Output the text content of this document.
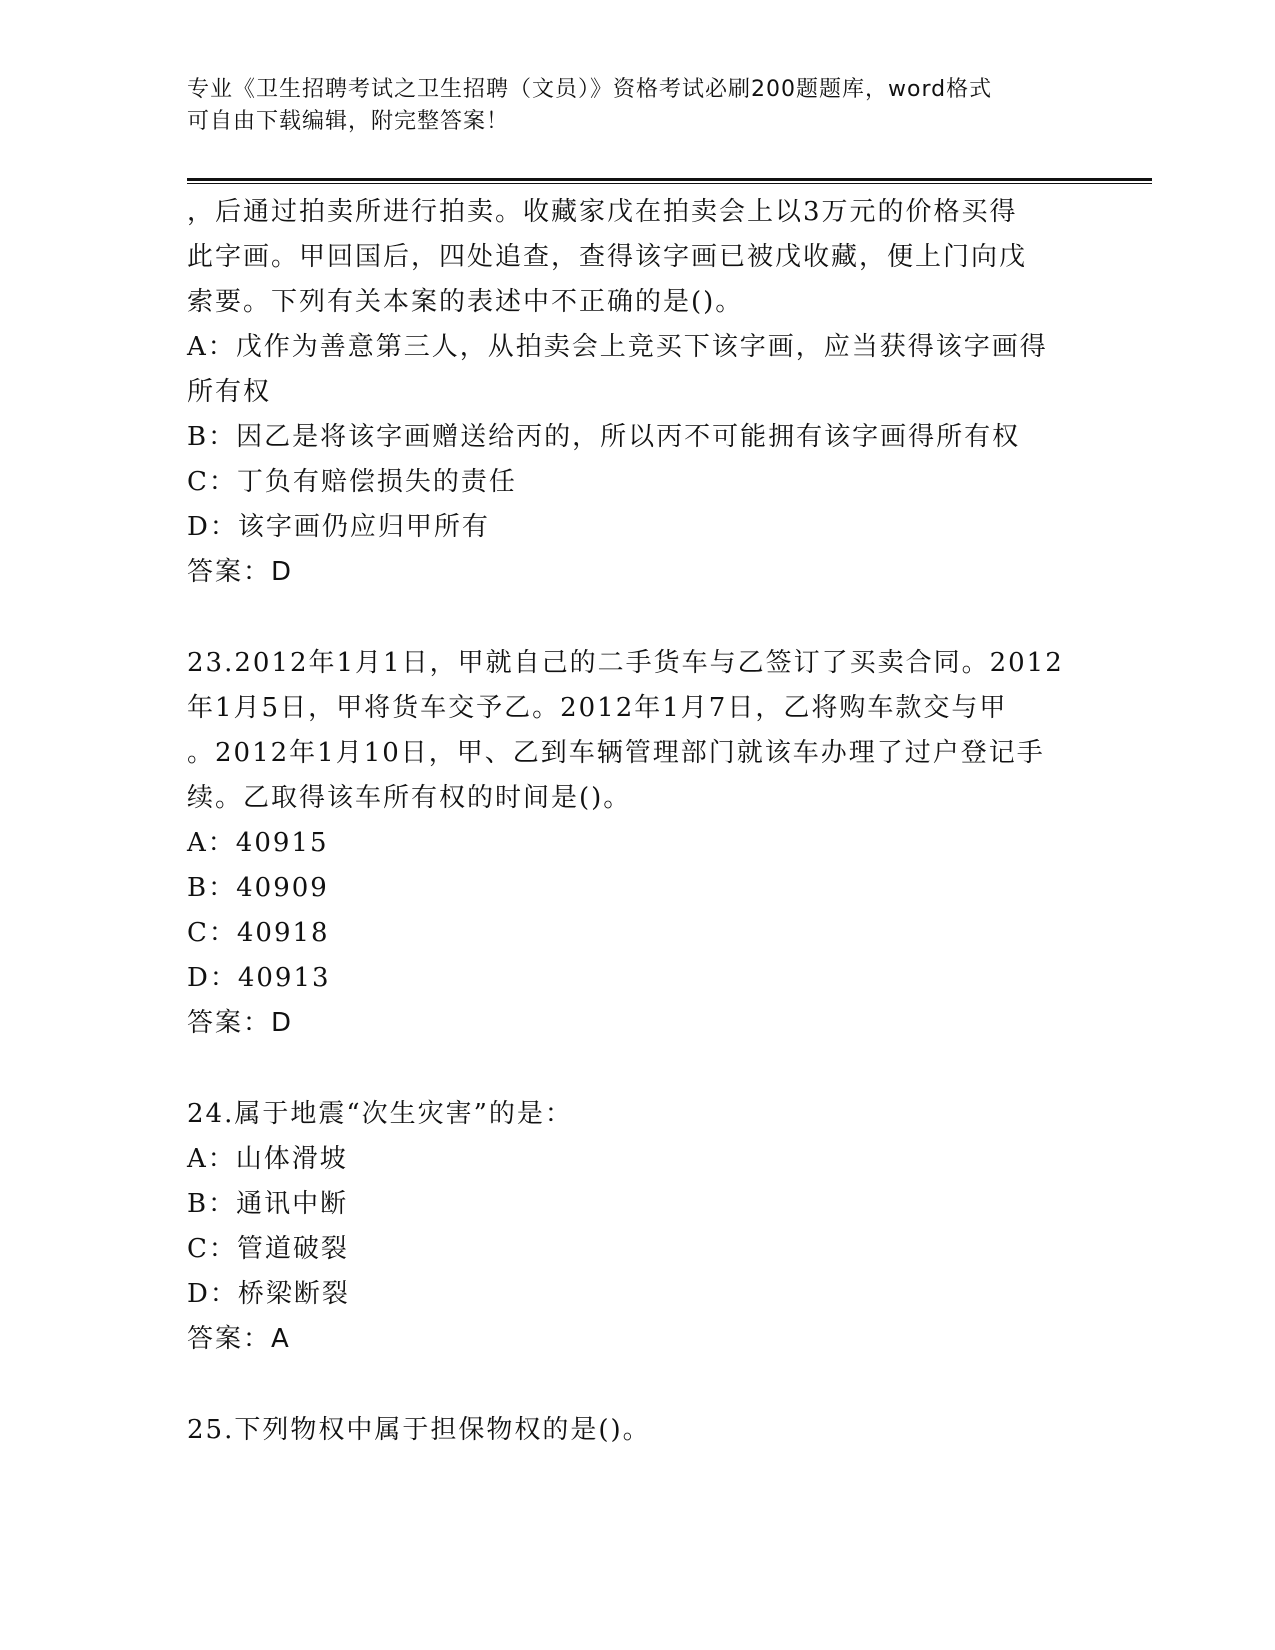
专业《卫生招聘考试之卫生招聘（文员）》资格考试必刷200题题库，word格式
可自由下载编辑，附完整答案！

，后通过拍卖所进行拍卖。收藏家戊在拍卖会上以3万元的价格买得

此字画。甲回国后，四处追查，查得该字画已被戊收藏，便上门向戊

索要。下列有关本案的表述中不正确的是()。

A：戊作为善意第三人，从拍卖会上竞买下该字画，应当获得该字画得

所有权

B：因乙是将该字画赠送给丙的，所以丙不可能拥有该字画得所有权

C：丁负有赔偿损失的责任

D：该字画仍应归甲所有

答案：D

23.2012年1月1日，甲就自己的二手货车与乙签订了买卖合同。2012

年1月5日，甲将货车交予乙。2012年1月7日，乙将购车款交与甲

。2012年1月10日，甲、乙到车辆管理部门就该车办理了过户登记手

续。乙取得该车所有权的时间是()。

A：40915

B：40909

C：40918

D：40913

答案：D

24.属于地震“次生灾害”的是：

A：山体滑坡

B：通讯中断

C：管道破裂

D：桥梁断裂

答案：A

25.下列物权中属于担保物权的是()。
